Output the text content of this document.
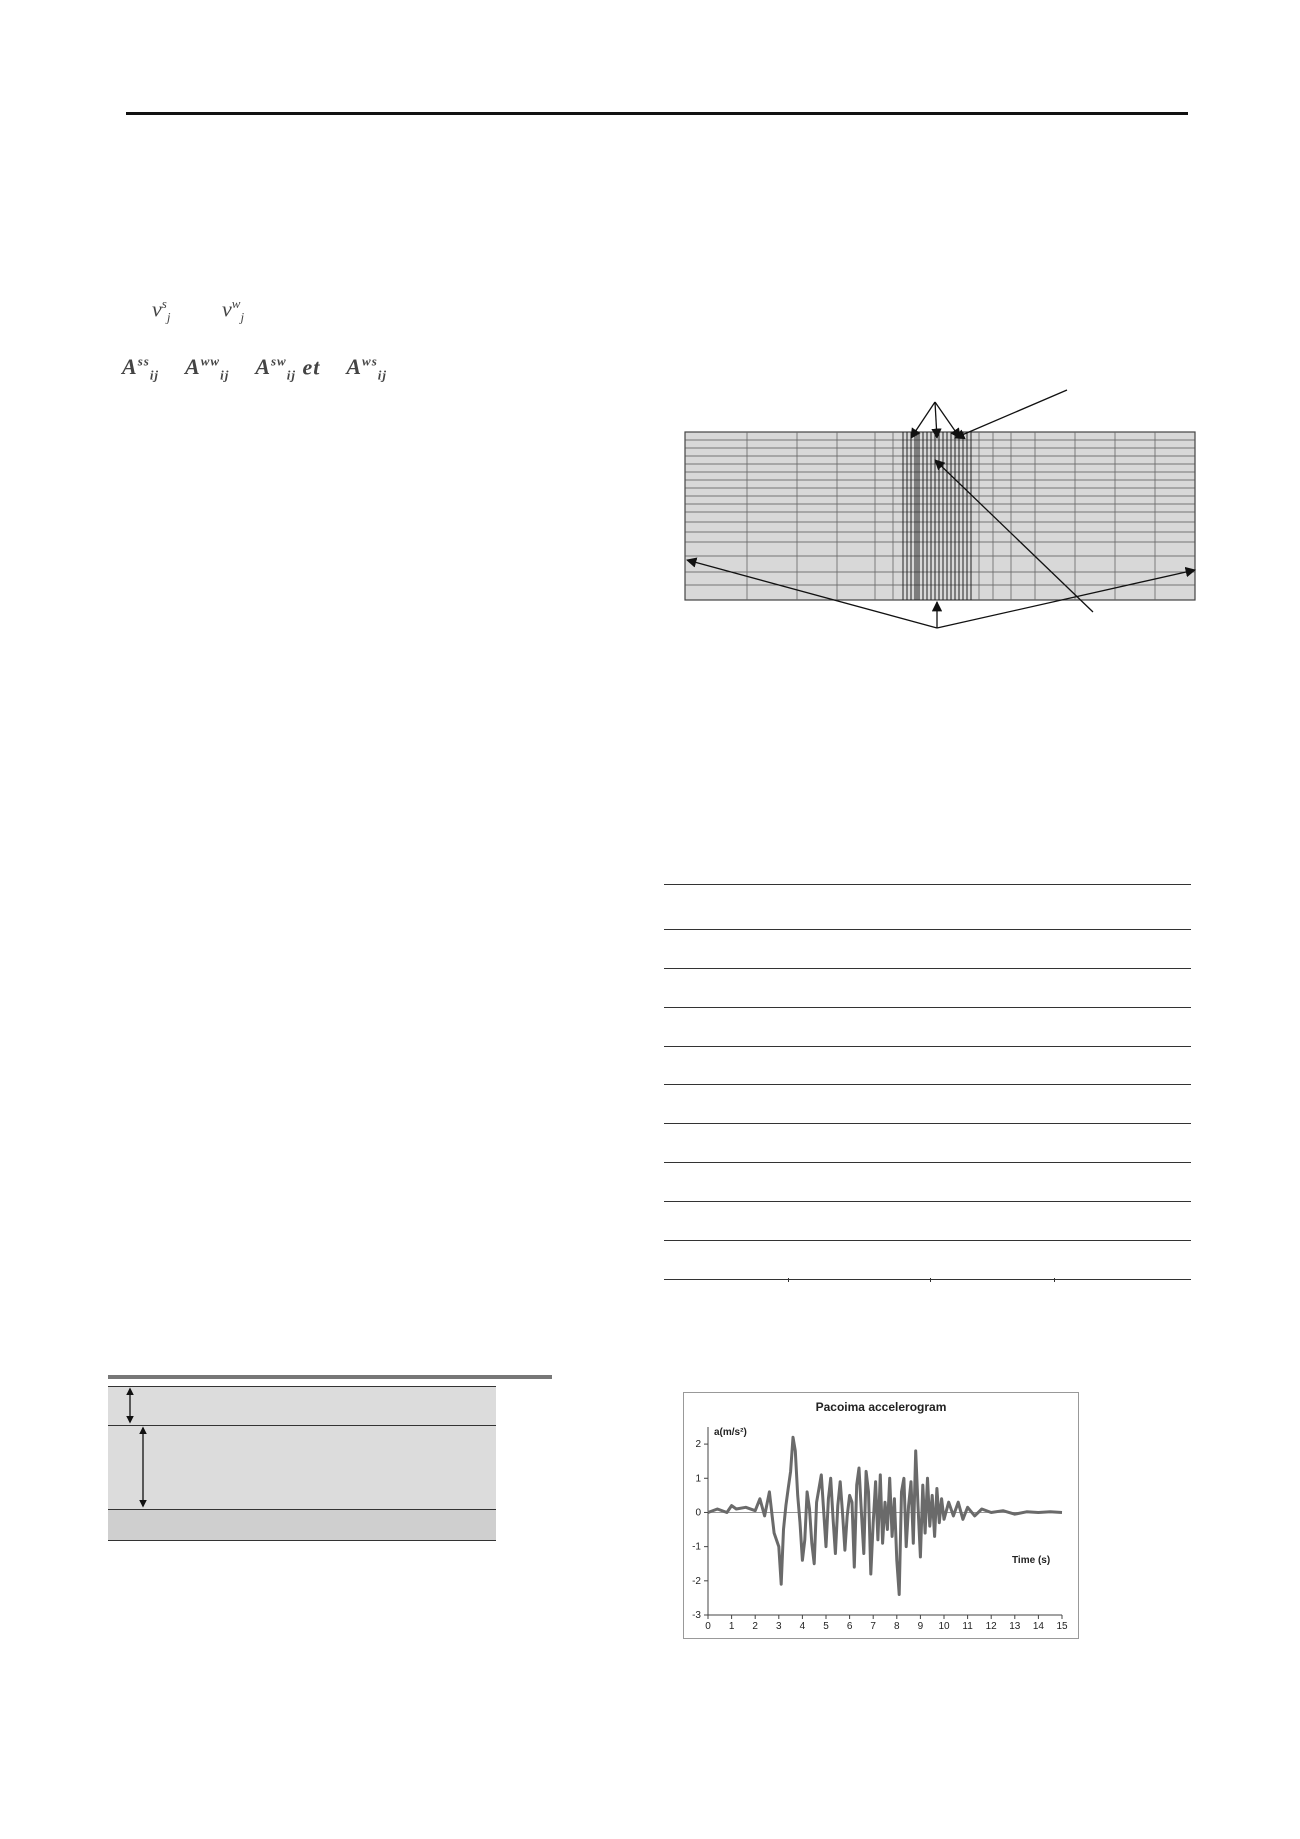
$v^s_j$ $v^w_j$
$A^{ss}_{ij}$ $A^{ww}_{ij}$ $A^{sw}_{ij}$ et $A^{ws}_{ij}$
Pacoima accelerogram
a(m/s²)
Time (s)
0 1 2 3 4 5 6 7 8 9 10 11 12 13 14 15
2
1
0
-1
-2
-3
